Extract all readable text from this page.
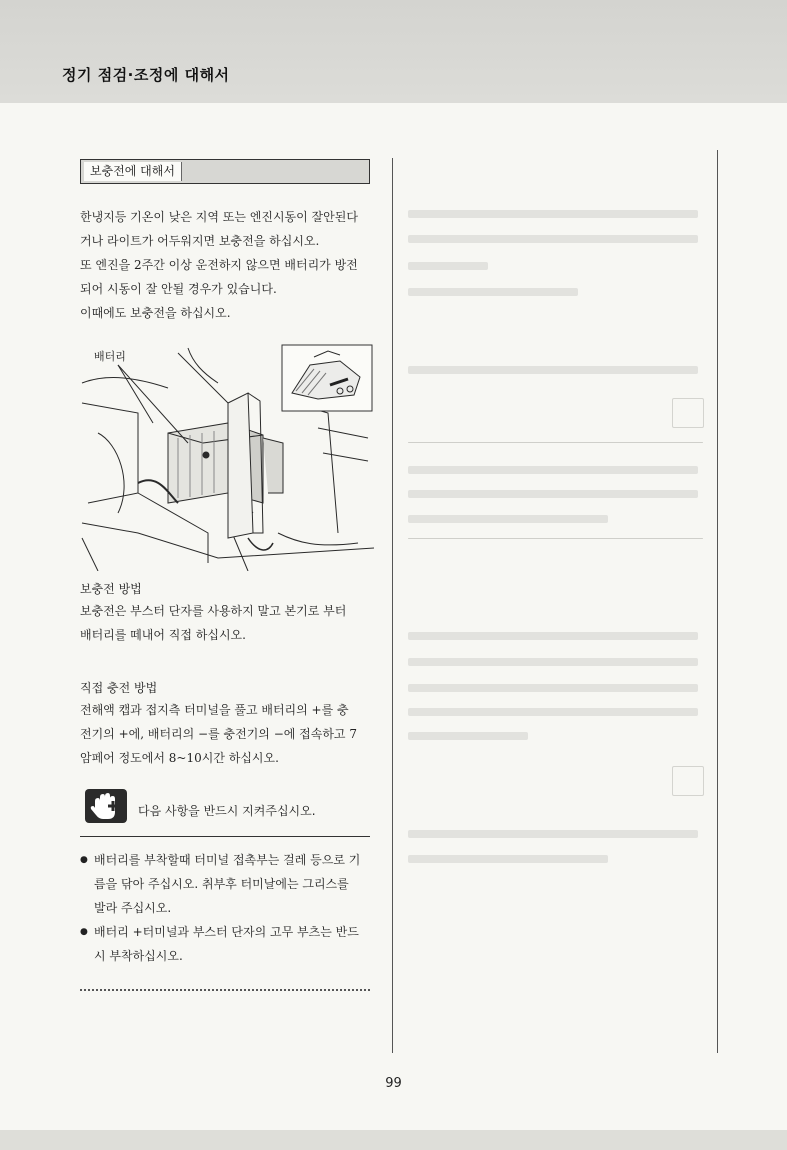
정기 점검·조정에 대해서
보충전에 대해서
한냉지등 기온이 낮은 지역 또는 엔진시동이 잘안된다
거나 라이트가 어두워지면 보충전을 하십시오.
또 엔진을 2주간 이상 운전하지 않으면 배터리가 방전
되어 시동이 잘 안될 경우가 있습니다.
이때에도 보충전을 하십시오.
배터리
보충전 방법
보충전은 부스터 단자를 사용하지 말고 본기로 부터
배터리를 떼내어 직접 하십시오.
직접 충전 방법
전해액 캡과 접지측 터미널을 풀고 배터리의 +를 충
전기의 +에, 배터리의 −를 충전기의 −에 접속하고 7
암페어 정도에서 8~10시간 하십시오.
다음 사항을 반드시 지켜주십시오.
● 배터리를 부착할때 터미널 접촉부는 걸레 등으로 기
름을 닦아 주십시오. 취부후 터미날에는 그리스를
발라 주십시오.
● 배터리 +터미널과 부스터 단자의 고무 부츠는 반드
시 부착하십시오.
99
